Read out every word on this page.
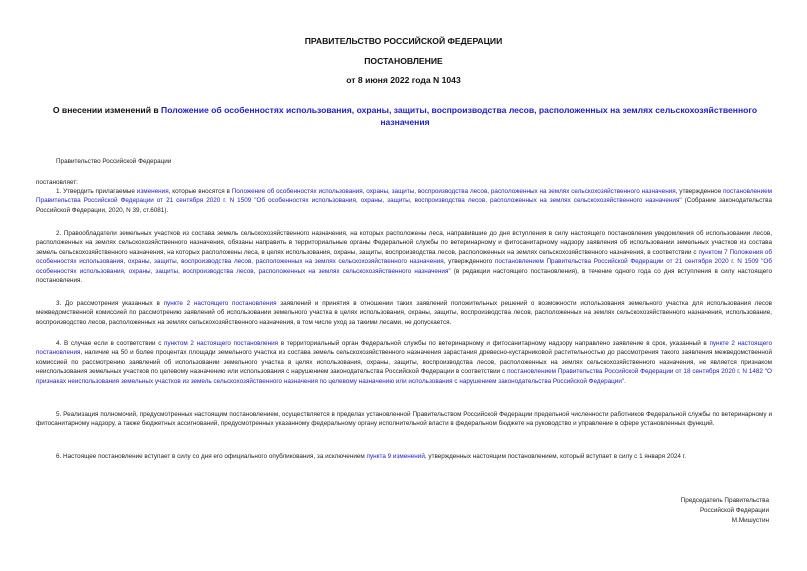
ПРАВИТЕЛЬСТВО РОССИЙСКОЙ ФЕДЕРАЦИИ
ПОСТАНОВЛЕНИЕ
от 8 июня 2022 года N 1043
О внесении изменений в Положение об особенностях использования, охраны, защиты, воспроизводства лесов, расположенных на землях сельскохозяйственного назначения
Правительство Российской Федерации
постановляет:
1. Утвердить прилагаемые изменения, которые вносятся в Положение об особенностях использования, охраны, защиты, воспроизводства лесов, расположенных на землях сельскохозяйственного назначения, утвержденное постановлением Правительства Российской Федерации от 21 сентября 2020 г. N 1509 "Об особенностях использования, охраны, защиты, воспроизводства лесов, расположенных на землях сельскохозяйственного назначения" (Собрание законодательства Российской Федерации, 2020, N 39, ст.6081).
2. Правообладатели земельных участков из состава земель сельскохозяйственного назначения, на которых расположены леса, направившие до дня вступления в силу настоящего постановления уведомления об использовании лесов, расположенных на землях сельскохозяйственного назначения, обязаны направить в территориальные органы Федеральной службы по ветеринарному и фитосанитарному надзору заявления об использовании земельных участков из состава земель сельскохозяйственного назначения, на которых расположены леса, в целях использования, охраны, защиты, воспроизводства лесов, расположенных на землях сельскохозяйственного назначения, в соответствии с пунктом 7 Положения об особенностях использования, охраны, защиты, воспроизводства лесов, расположенных на землях сельскохозяйственного назначения, утвержденного постановлением Правительства Российской Федерации от 21 сентября 2020 г. N 1509 "Об особенностях использования, охраны, защиты, воспроизводства лесов, расположенных на землях сельскохозяйственного назначения" (в редакции настоящего постановления), в течение одного года со дня вступления в силу настоящего постановления.
3. До рассмотрения указанных в пункте 2 настоящего постановления заявлений и принятия в отношении таких заявлений положительных решений о возможности использования земельного участка для использования лесов межведомственной комиссией по рассмотрению заявлений об использовании земельного участка в целях использования, охраны, защиты, воспроизводства лесов, расположенных на землях сельскохозяйственного назначения, использование, воспроизводство лесов, расположенных на землях сельскохозяйственного назначения, в том числе уход за такими лесами, не допускается.
4. В случае если в соответствии с пунктом 2 настоящего постановления в территориальный орган Федеральной службы по ветеринарному и фитосанитарному надзору направлено заявление в срок, указанный в пункте 2 настоящего постановления, наличие на 50 и более процентах площади земельного участка из состава земель сельскохозяйственного назначения зарастания древесно-кустарниковой растительностью до рассмотрения такого заявления межведомственной комиссией по рассмотрению заявлений об использовании земельного участка в целях использования, охраны, защиты, воспроизводства лесов, расположенных на землях сельскохозяйственного назначения, не является признаком неиспользования земельных участков по целевому назначению или использования с нарушением законодательства Российской Федерации в соответствии с постановлением Правительства Российской Федерации от 18 сентября 2020 г. N 1482 "О признаках неиспользования земельных участков из земель сельскохозяйственного назначения по целевому назначению или использования с нарушением законодательства Российской Федерации".
5. Реализация полномочий, предусмотренных настоящим постановлением, осуществляется в пределах установленной Правительством Российской Федерации предельной численности работников Федеральной службы по ветеринарному и фитосанитарному надзору, а также бюджетных ассигнований, предусмотренных указанному федеральному органу исполнительной власти в федеральном бюджете на руководство и управление в сфере установленных функций.
6. Настоящее постановление вступает в силу со дня его официального опубликования, за исключением пункта 9 изменений, утвержденных настоящим постановлением, который вступает в силу с 1 января 2024 г.
Председатель Правительства
Российской Федерации
М.Мишустин
